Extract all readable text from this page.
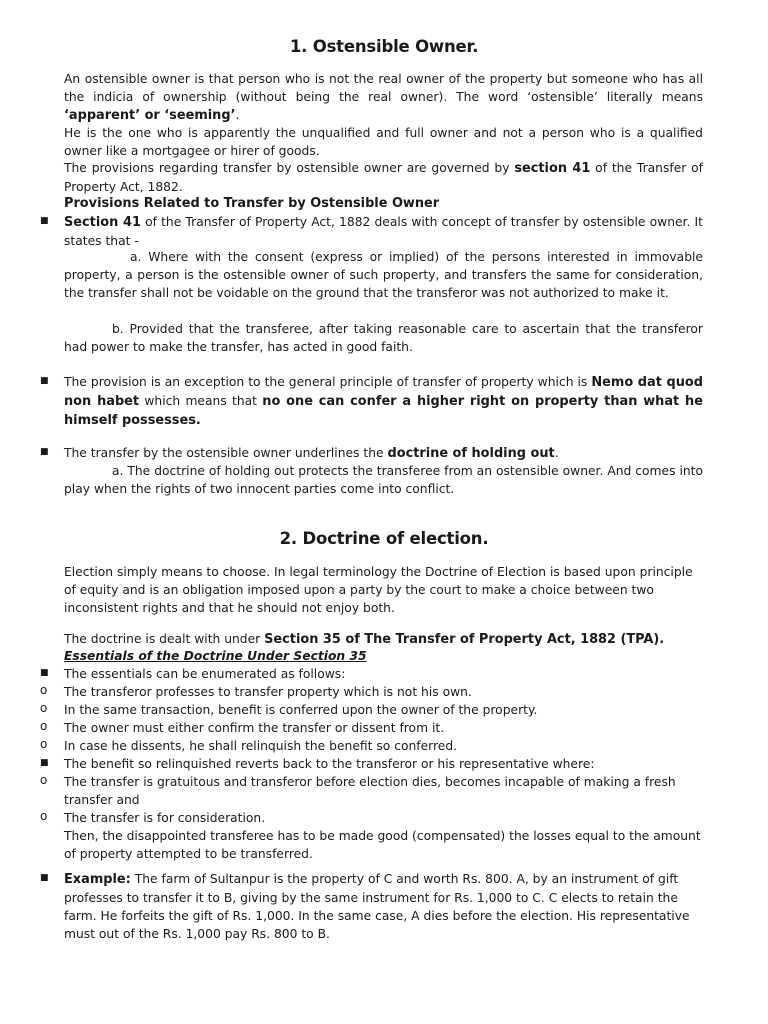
1. Ostensible Owner.
An ostensible owner is that person who is not the real owner of the property but someone who has all the indicia of ownership (without being the real owner). The word ‘ostensible’ literally means ‘apparent’ or ‘seeming’.
He is the one who is apparently the unqualified and full owner and not a person who is a qualified owner like a mortgagee or hirer of goods.
The provisions regarding transfer by ostensible owner are governed by section 41 of the Transfer of Property Act, 1882.
Provisions Related to Transfer by Ostensible Owner
■ Section 41 of the Transfer of Property Act, 1882 deals with concept of transfer by ostensible owner. It states that -
a. Where with the consent (express or implied) of the persons interested in immovable property, a person is the ostensible owner of such property, and transfers the same for consideration, the transfer shall not be voidable on the ground that the transferor was not authorized to make it.
b. Provided that the transferee, after taking reasonable care to ascertain that the transferor had power to make the transfer, has acted in good faith.
■ The provision is an exception to the general principle of transfer of property which is Nemo dat quod non habet which means that no one can confer a higher right on property than what he himself possesses.
■ The transfer by the ostensible owner underlines the doctrine of holding out.
a. The doctrine of holding out protects the transferee from an ostensible owner. And comes into play when the rights of two innocent parties come into conflict.
2. Doctrine of election.
Election simply means to choose. In legal terminology the Doctrine of Election is based upon principle of equity and is an obligation imposed upon a party by the court to make a choice between two inconsistent rights and that he should not enjoy both.
The doctrine is dealt with under Section 35 of The Transfer of Property Act, 1882 (TPA).
Essentials of the Doctrine Under Section 35
■ The essentials can be enumerated as follows:
o The transferor professes to transfer property which is not his own.
o In the same transaction, benefit is conferred upon the owner of the property.
o The owner must either confirm the transfer or dissent from it.
o In case he dissents, he shall relinquish the benefit so conferred.
■ The benefit so relinquished reverts back to the transferor or his representative where:
o The transfer is gratuitous and transferor before election dies, becomes incapable of making a fresh transfer and
o The transfer is for consideration.
Then, the disappointed transferee has to be made good (compensated) the losses equal to the amount of property attempted to be transferred.
■ Example: The farm of Sultanpur is the property of C and worth Rs. 800. A, by an instrument of gift professes to transfer it to B, giving by the same instrument for Rs. 1,000 to C. C elects to retain the farm. He forfeits the gift of Rs. 1,000. In the same case, A dies before the election. His representative must out of the Rs. 1,000 pay Rs. 800 to B.
